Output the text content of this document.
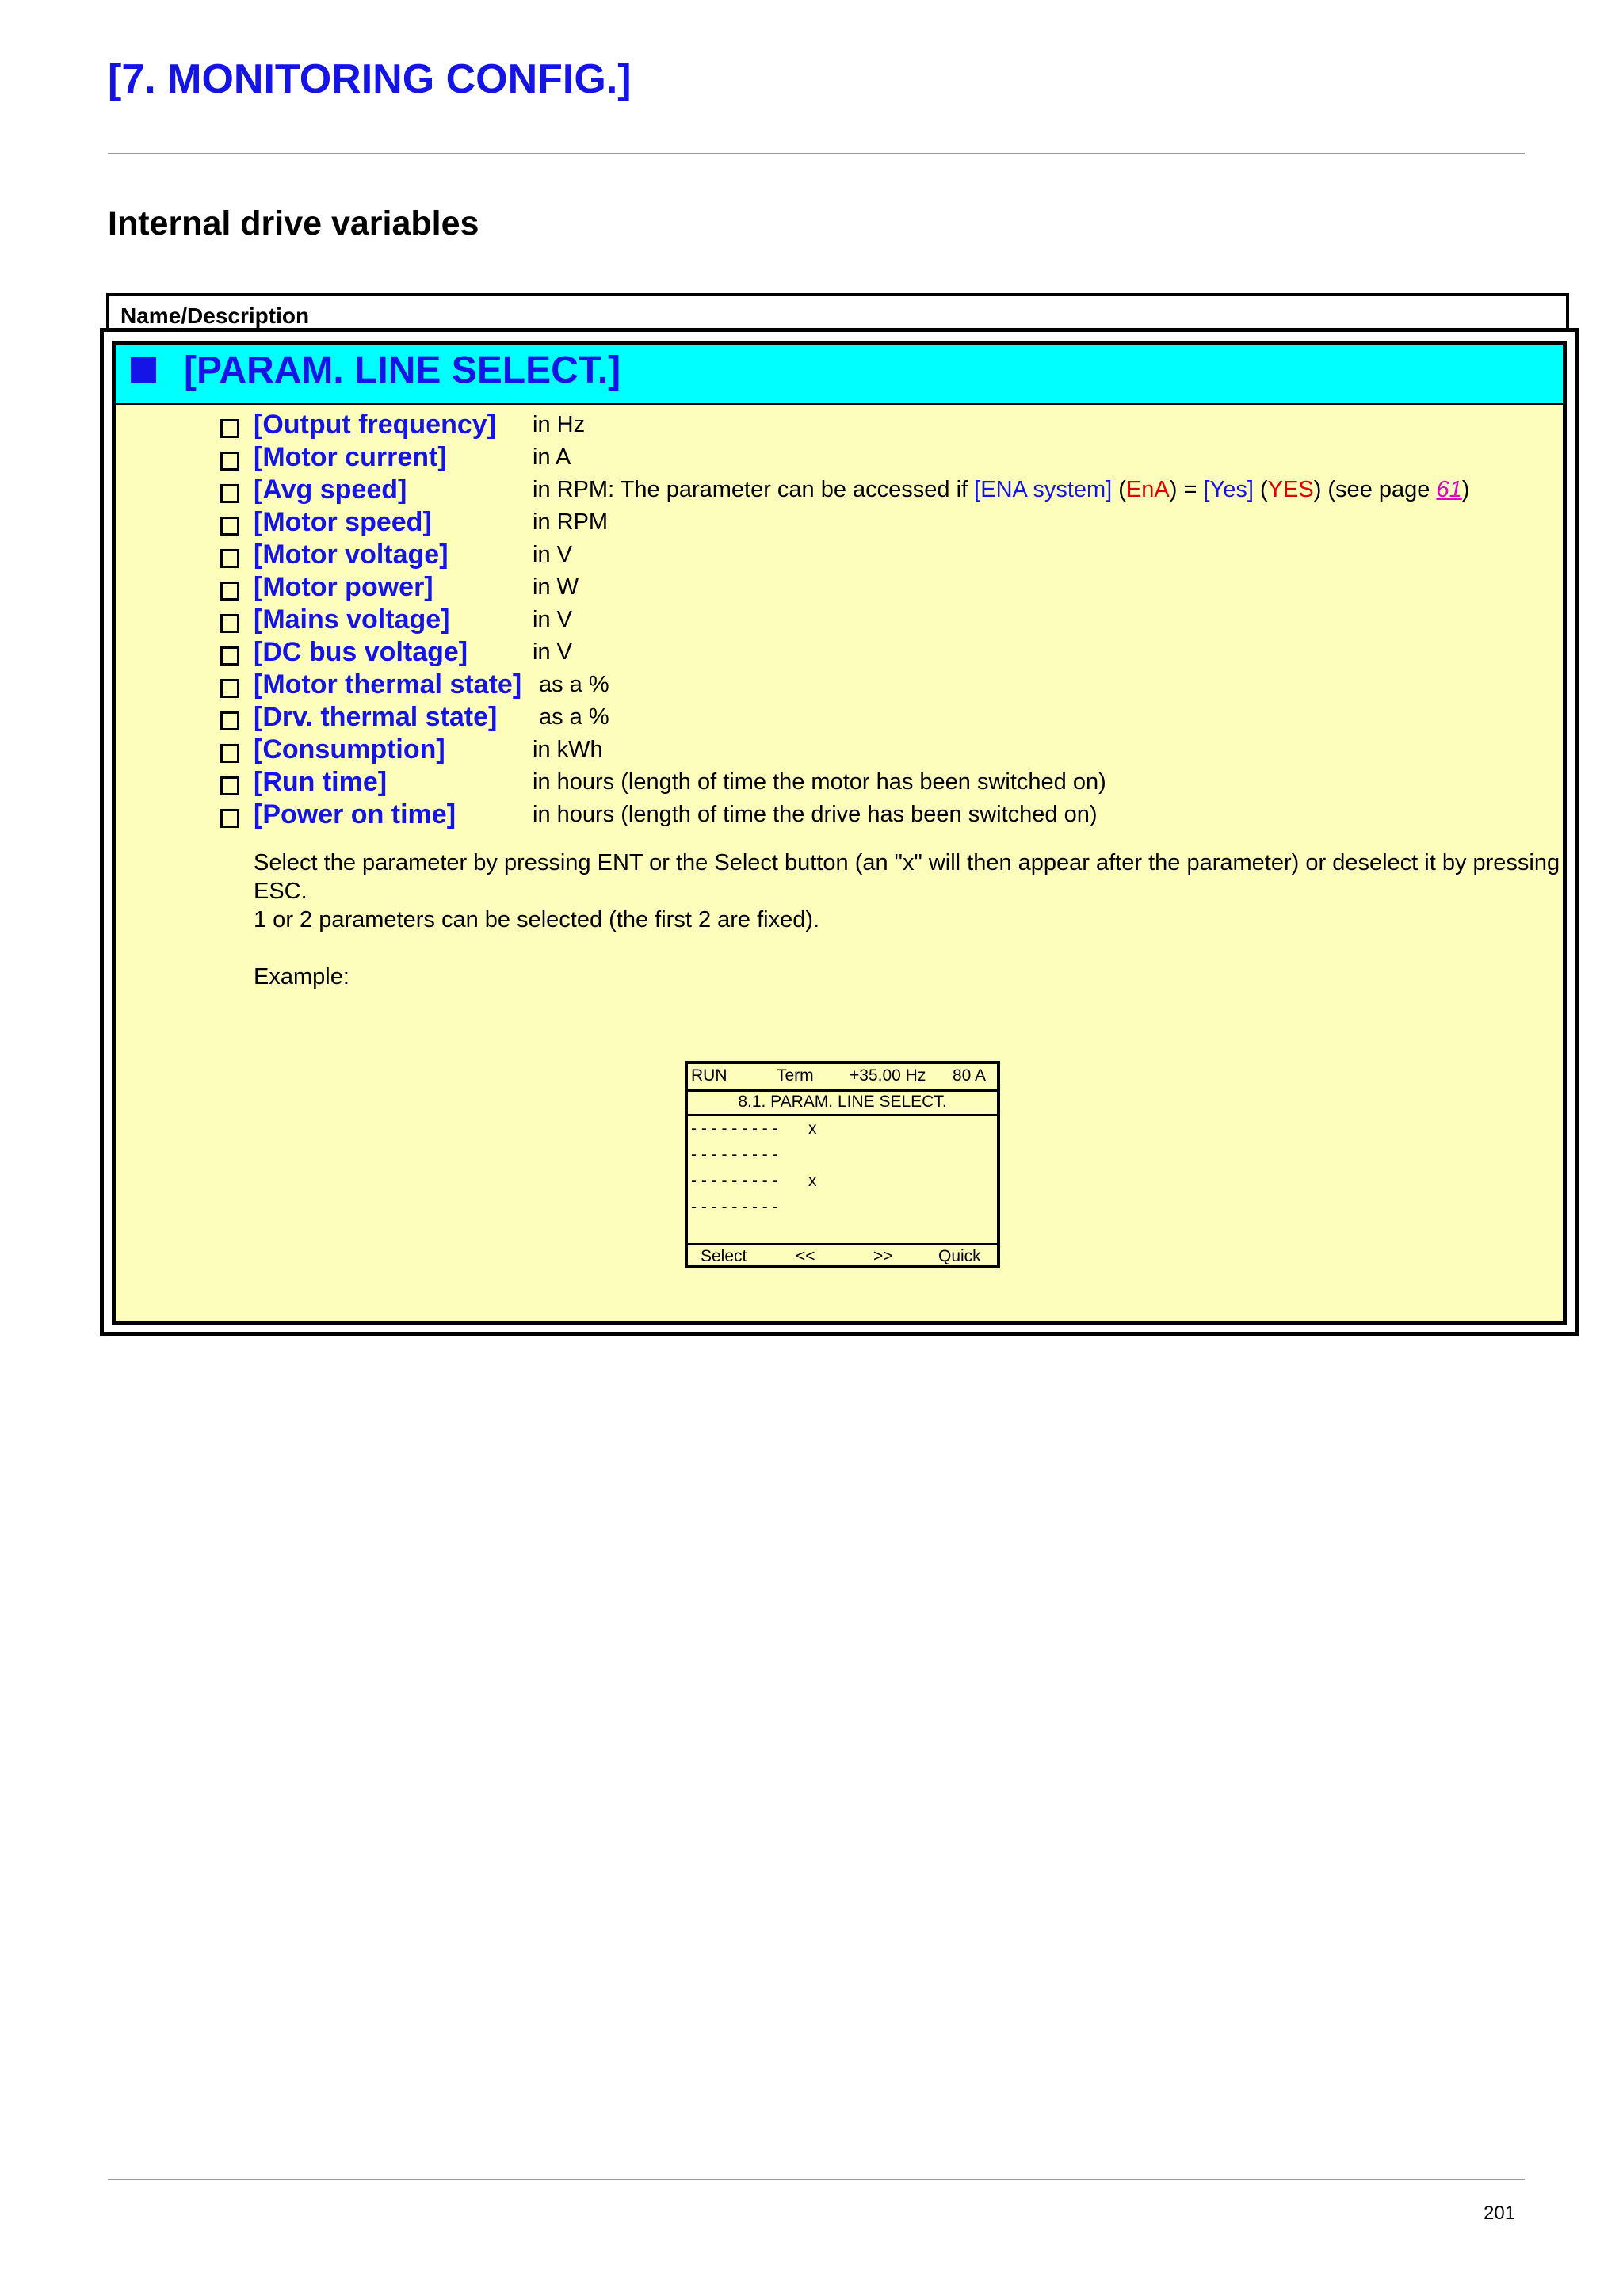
[7. MONITORING CONFIG.]
Internal drive variables
Name/Description
[PARAM. LINE SELECT.]
[Output frequency] in Hz
[Motor current]	in A
[Avg speed]	in RPM: The parameter can be accessed if [ENA system] (EnA) = [Yes] (YES) (see page 61)
[Motor speed]	in RPM
[Motor voltage]	in V
[Motor power]	in W
[Mains voltage]	in V
[DC bus voltage]	in V
[Motor thermal state] as a %
[Drv. thermal state] as a %
[Consumption]	in kWh
[Run time]	in hours (length of time the motor has been switched on)
[Power on time]	in hours (length of time the drive has been switched on)
Select the parameter by pressing ENT or the Select button (an "x" will then appear after the parameter) or deselect it by pressing
ESC.
1 or 2 parameters can be selected (the first 2 are fixed).
Example:
RUN	Term +35.00 Hz 80 A
8.1. PARAM. LINE SELECT.
- - - - - - - - - x
- - - - - - - - -
- - - - - - - - - x
- - - - - - - - -
Select	<<	>>	Quick
201
